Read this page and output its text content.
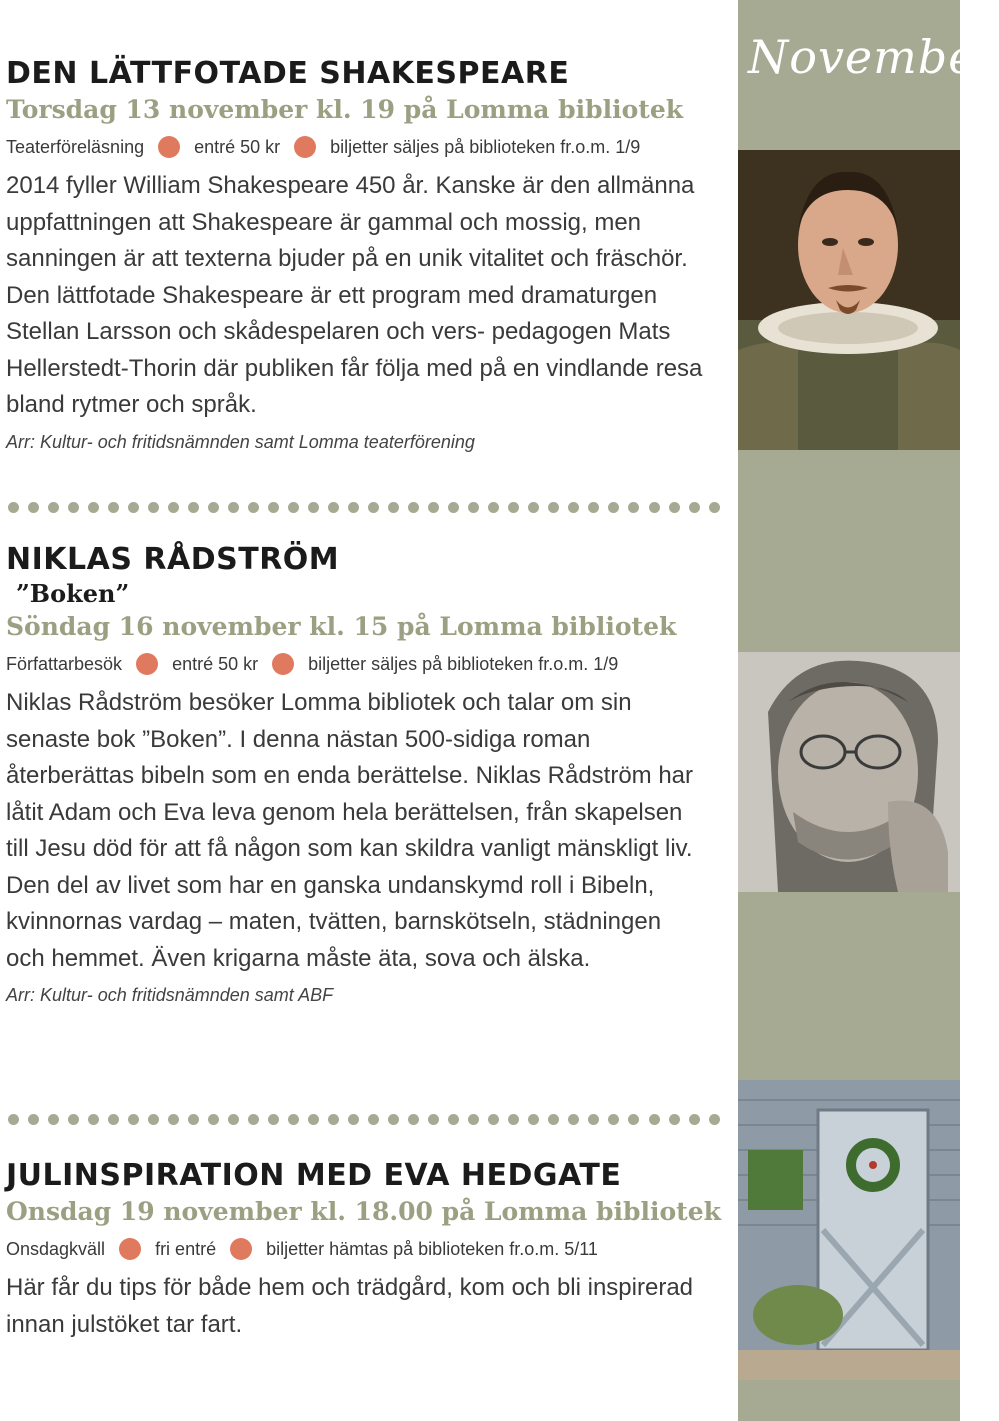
November
DEN LÄTTFOTADE SHAKESPEARE
Torsdag 13 november kl. 19 på Lomma bibliotek
Teaterföreläsning	entré 50 kr	biljetter säljes på biblioteken fr.o.m. 1/9
2014 fyller William Shakespeare 450 år. Kanske är den allmänna uppfattningen att Shakespeare är gammal och mossig, men sanningen är att texterna bjuder på en unik vitalitet och fräschör. Den lättfotade Shakespeare är ett program med dramaturgen Stellan Larsson och skådespelaren och vers- pedagogen Mats Hellerstedt-Thorin där publiken får följa med på en vindlande resa bland rytmer och språk.
Arr: Kultur- och fritidsnämnden samt Lomma teaterförening
NIKLAS RÅDSTRÖM
”Boken”
Söndag 16 november kl. 15 på Lomma bibliotek
Författarbesök	entré 50 kr	biljetter säljes på biblioteken fr.o.m. 1/9
Niklas Rådström besöker Lomma bibliotek och talar om sin senaste bok ”Boken”. I denna nästan 500-sidiga roman återberättas bibeln som en enda berättelse. Niklas Rådström har låtit Adam och Eva leva genom hela berättelsen, från skapelsen till Jesu död för att få någon som kan skildra vanligt mänskligt liv. Den del av livet som har en ganska undanskymd roll i Bibeln, kvinnornas vardag – maten, tvätten, barnskötseln, städningen och hemmet. Även krigarna måste äta, sova och älska.
Arr: Kultur- och fritidsnämnden samt ABF
JULINSPIRATION MED EVA HEDGATE
Onsdag 19 november kl. 18.00 på Lomma bibliotek
Onsdagkväll	fri entré	biljetter hämtas på biblioteken fr.o.m. 5/11
Här får du tips för både hem och trädgård, kom och bli inspirerad innan julstöket tar fart.
